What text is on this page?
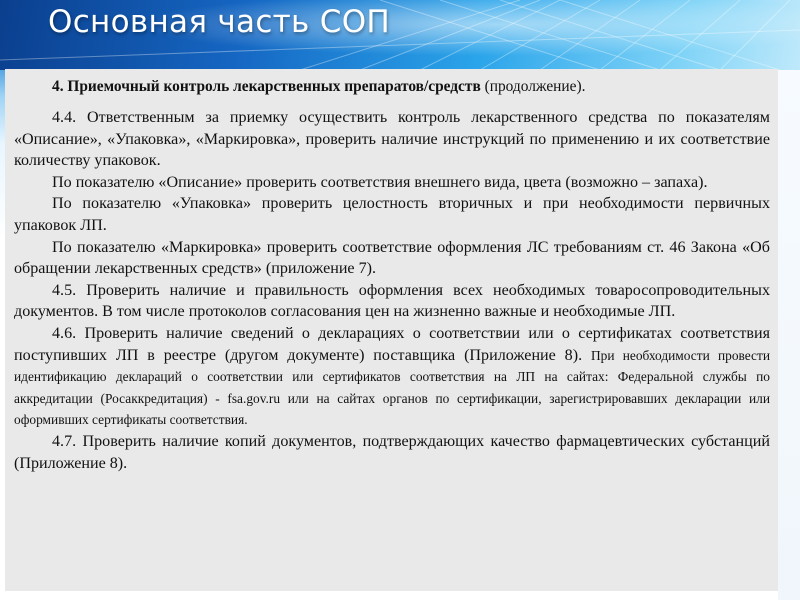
Основная часть СОП
4. Приемочный контроль лекарственных препаратов/средств (продолжение).

4.4. Ответственным за приемку осуществить контроль лекарственного средства по показателям «Описание», «Упаковка», «Маркировка», проверить наличие инструкций по применению и их соответствие количеству упаковок.

По показателю «Описание» проверить соответствия внешнего вида, цвета (возможно – запаха).

По показателю «Упаковка» проверить целостность вторичных и при необходимости первичных упаковок ЛП.

По показателю «Маркировка» проверить соответствие оформления ЛС требованиям ст. 46 Закона «Об обращении лекарственных средств» (приложение 7).

4.5. Проверить наличие и правильность оформления всех необходимых товаросопроводительных документов. В том числе протоколов согласования цен на жизненно важные и необходимые ЛП.

4.6. Проверить наличие сведений о декларациях о соответствии или о сертификатах соответствия поступивших ЛП в реестре (другом документе) поставщика (Приложение 8). При необходимости провести идентификацию деклараций о соответствии или сертификатов соответствия на ЛП на сайтах: Федеральной службы по аккредитации (Росаккредитация) - fsa.gov.ru или на сайтах органов по сертификации, зарегистрировавших декларации или оформивших сертификаты соответствия.

4.7. Проверить наличие копий документов, подтверждающих качество фармацевтических субстанций (Приложение 8).
